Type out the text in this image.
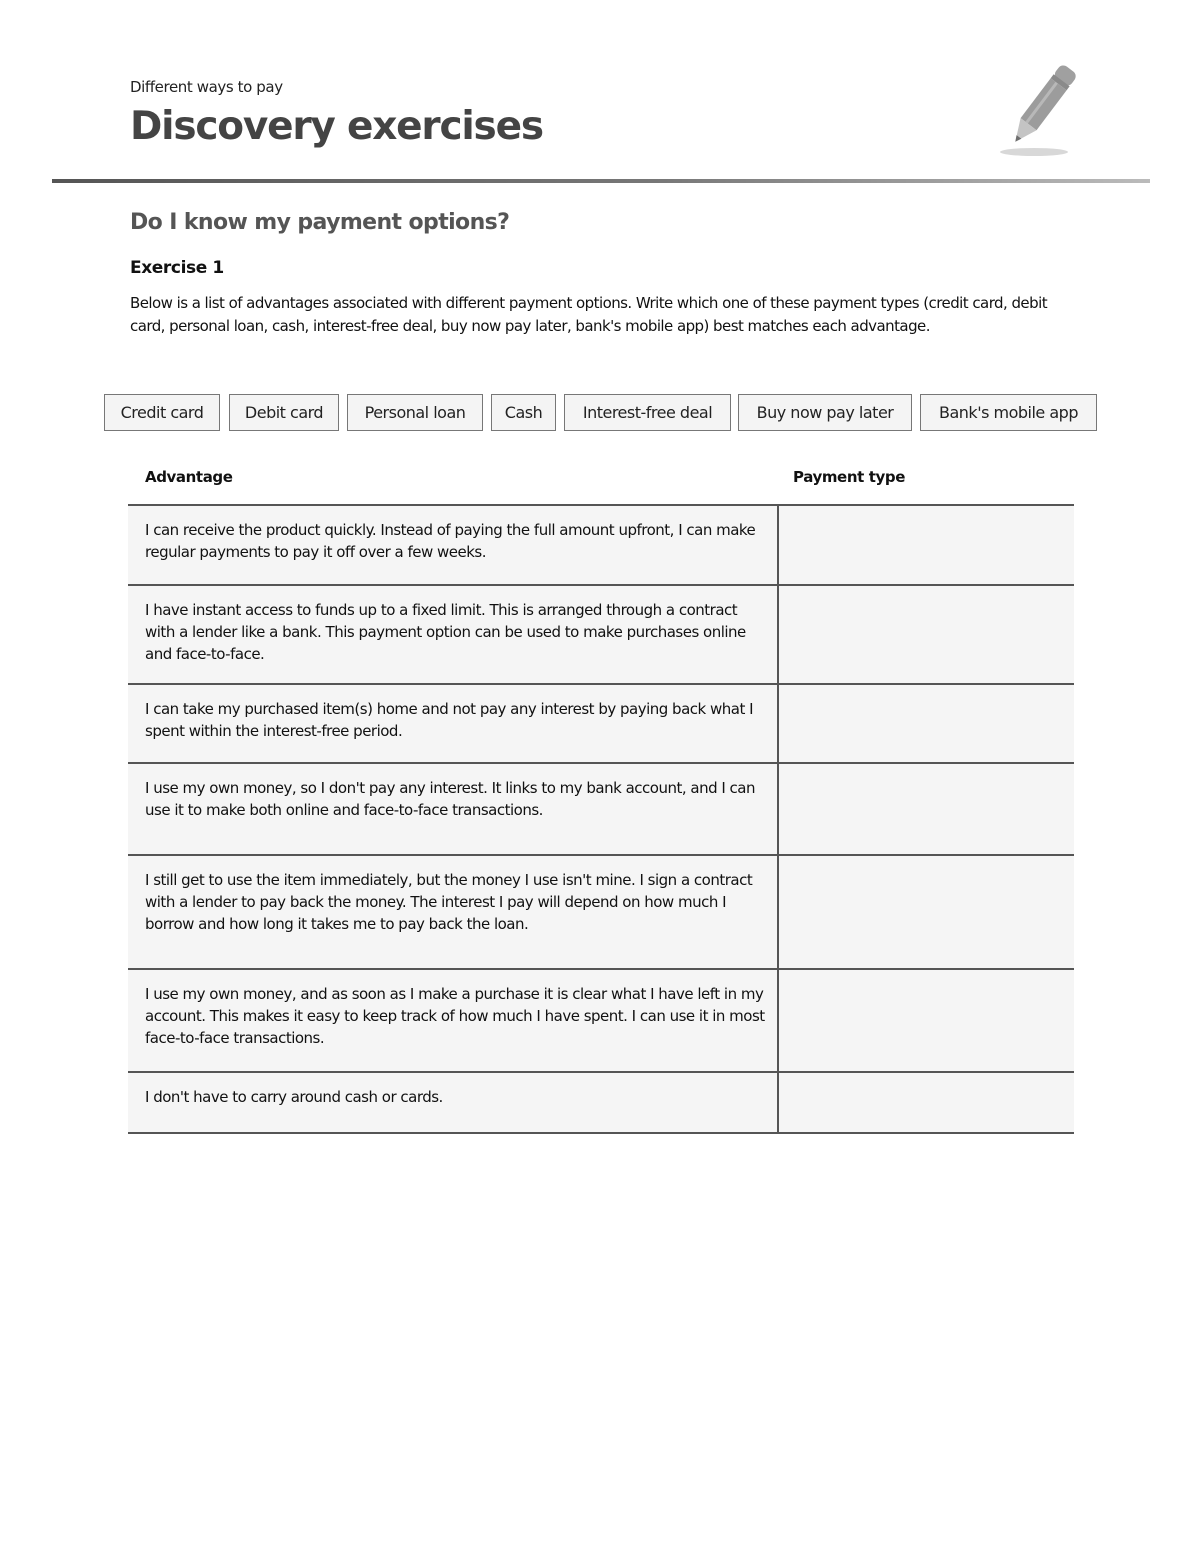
Different ways to pay
Discovery exercises
Do I know my payment options?
Exercise 1
Below is a list of advantages associated with different payment options. Write which one of these payment types (credit card, debit card, personal loan, cash, interest-free deal, buy now pay later, bank's mobile app) best matches each advantage.
Credit card	Debit card	Personal loan	Cash	Interest-free deal	Buy now pay later	Bank's mobile app
Advantage	Payment type
I can receive the product quickly. Instead of paying the full amount upfront, I can make regular payments to pay it off over a few weeks.
I have instant access to funds up to a fixed limit. This is arranged through a contract with a lender like a bank. This payment option can be used to make purchases online and face-to-face.
I can take my purchased item(s) home and not pay any interest by paying back what I spent within the interest-free period.
I use my own money, so I don't pay any interest. It links to my bank account, and I can use it to make both online and face-to-face transactions.
I still get to use the item immediately, but the money I use isn't mine. I sign a contract with a lender to pay back the money. The interest I pay will depend on how much I borrow and how long it takes me to pay back the loan.
I use my own money, and as soon as I make a purchase it is clear what I have left in my account. This makes it easy to keep track of how much I have spent. I can use it in most face-to-face transactions.
I don't have to carry around cash or cards.
